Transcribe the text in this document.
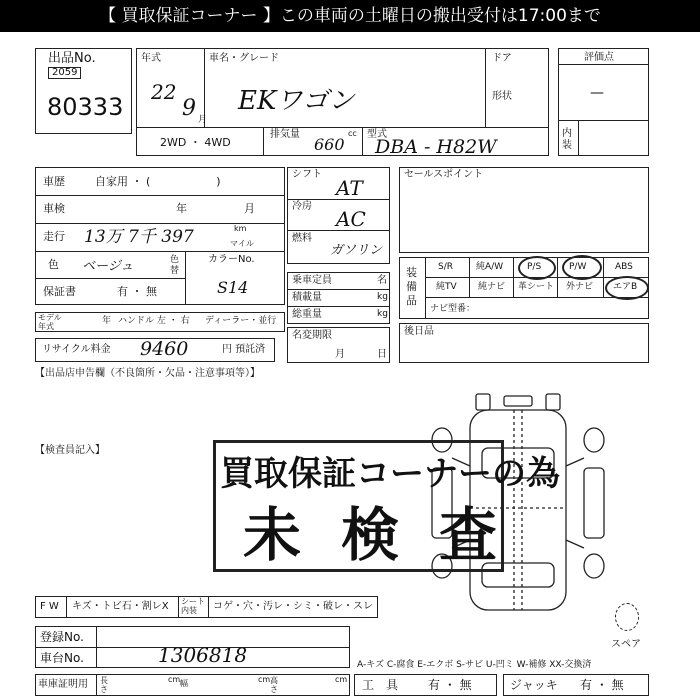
【 買取保証コーナー 】この車両の土曜日の搬出受付は17:00まで
出品No.
2059
80333
年式
22
9 月
車名・グレード
EKワゴン
ドア
形状
2WD ・ 4WD
排気量
660
cc 型式
DBA - H82W
評価点
—
内装
車歴	自家用 ・ (　　　　　　)
車検	年	月
走行 13万 7千 397	km
マイル
色 ベージュ	色替
カラーNo.
S14
保証書	有 ・ 無
モデル年式
年 ハンドル 左 ・ 右 ディーラー・並行
リサイクル料金 9460	円 預託済
シフト
AT
冷房
AC
燃料
ガソリン
乗車定員	名
積載量	kg
総重量	kg
名変期限
月	日
セールスポイント
装備品
S/R	純A/W	P/S	P/W	ABS
純TV 純ナビ 革シート 外ナビ エアB
ナビ型番：
後日品
【出品店申告欄（不良箇所・欠品・注意事項等）】
【検査員記入】
買取保証コーナーの為
未検査
F W キズ・トビ石・割レX シート内装	コゲ・穴・汚レ・シミ・破レ・スレ
登録No.
車台No.	1306818
車庫証明用 長さ
cm 幅	cm 高さ
cm
スペア
A-キズ C-腐食 E-エクボ S-サビ U-凹ミ W-補修 XX-交換済
工　具 有 ・ 無	ジャッキ 有 ・ 無
